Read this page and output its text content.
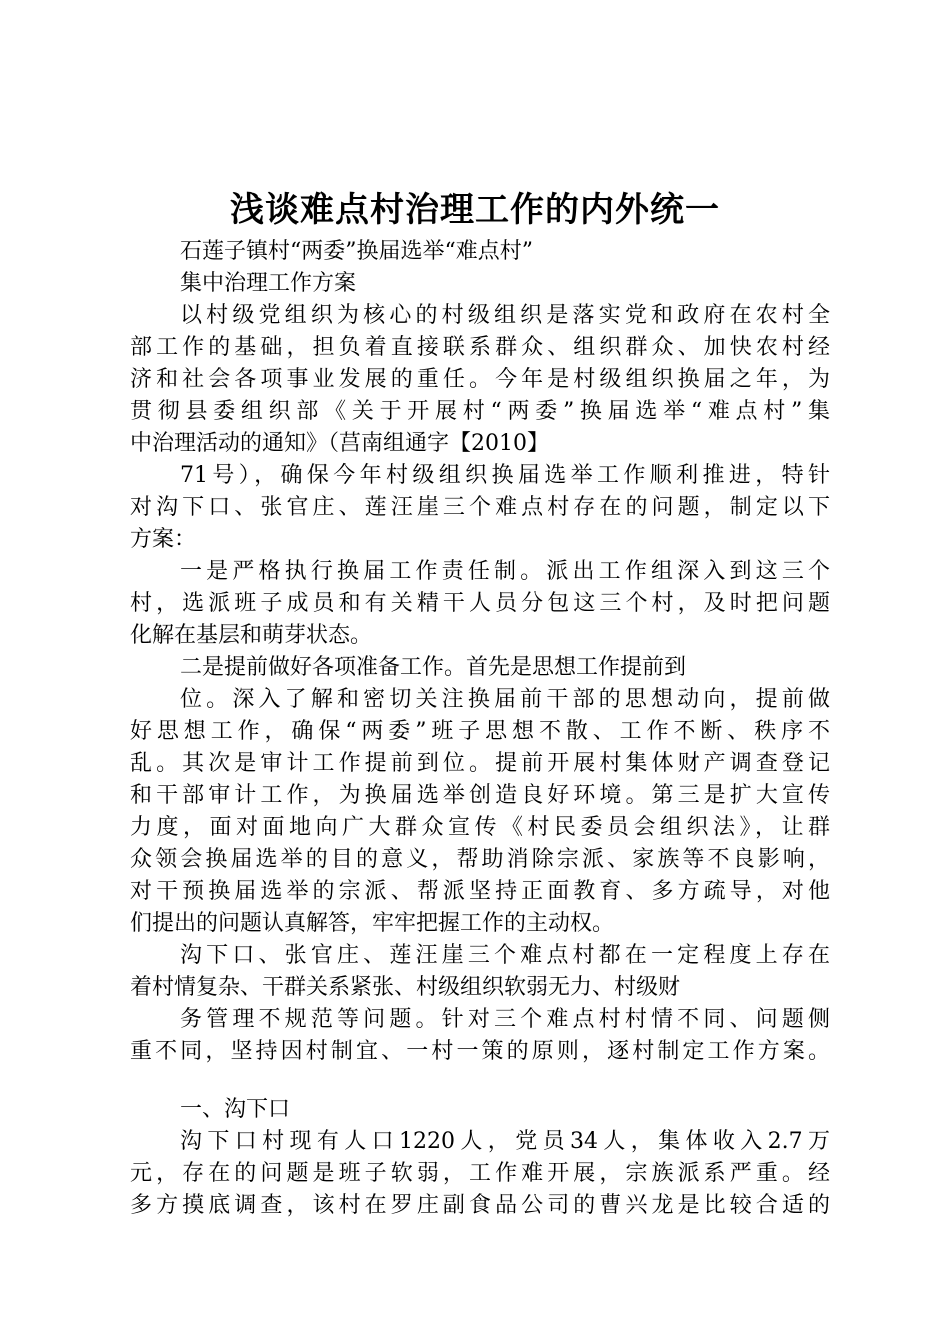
浅谈难点村治理工作的内外统一
石莲子镇村“两委”换届选举“难点村”
集中治理工作方案
以村级党组织为核心的村级组织是落实党和政府在农村全
部工作的基础，担负着直接联系群众、组织群众、加快农村经
济和社会各项事业发展的重任。今年是村级组织换届之年，为
贯彻县委组织部《关于开展村“两委”换届选举“难点村”集
中治理活动的通知》（莒南组通字【2010】
71号），确保今年村级组织换届选举工作顺利推进，特针
对沟下口、张官庄、莲汪崖三个难点村存在的问题，制定以下
方案：
一是严格执行换届工作责任制。派出工作组深入到这三个
村，选派班子成员和有关精干人员分包这三个村，及时把问题
化解在基层和萌芽状态。
二是提前做好各项准备工作。首先是思想工作提前到
位。深入了解和密切关注换届前干部的思想动向，提前做
好思想工作，确保“两委”班子思想不散、工作不断、秩序不
乱。其次是审计工作提前到位。提前开展村集体财产调查登记
和干部审计工作，为换届选举创造良好环境。第三是扩大宣传
力度，面对面地向广大群众宣传《村民委员会组织法》，让群
众领会换届选举的目的意义，帮助消除宗派、家族等不良影响，
对干预换届选举的宗派、帮派坚持正面教育、多方疏导，对他
们提出的问题认真解答，牢牢把握工作的主动权。
沟下口、张官庄、莲汪崖三个难点村都在一定程度上存在
着村情复杂、干群关系紧张、村级组织软弱无力、村级财
务管理不规范等问题。针对三个难点村村情不同、问题侧
重不同，坚持因村制宜、一村一策的原则，逐村制定工作方案。
一、沟下口
沟下口村现有人口1220人，党员34人，集体收入2.7万
元，存在的问题是班子软弱，工作难开展，宗族派系严重。经
多方摸底调查，该村在罗庄副食品公司的曹兴龙是比较合适的
